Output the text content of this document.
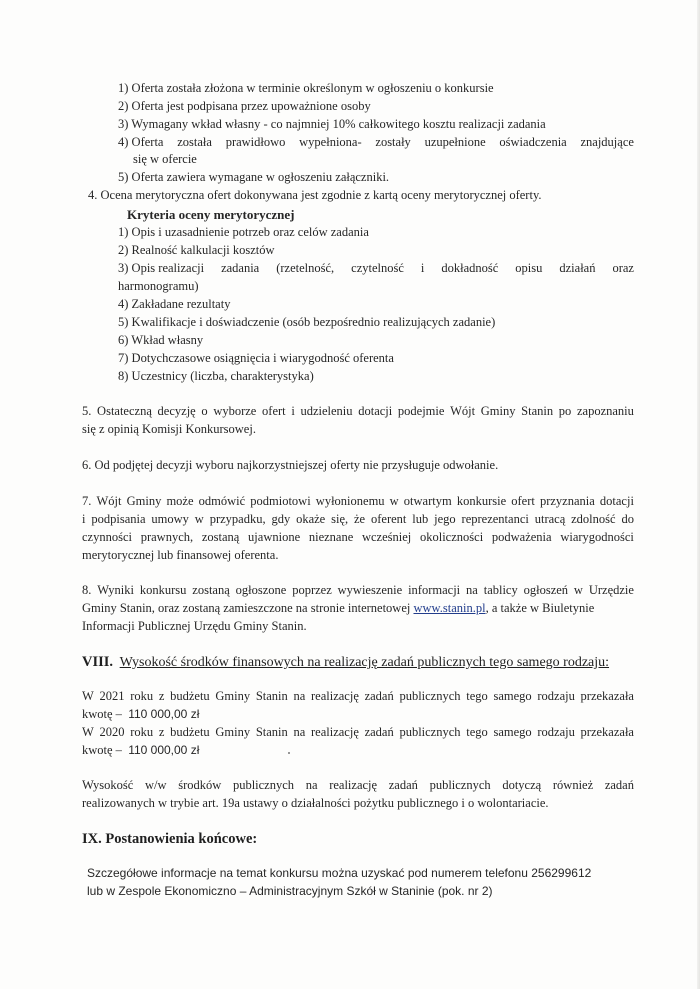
1) Oferta została złożona w terminie określonym w ogłoszeniu o konkursie
2) Oferta jest podpisana przez upoważnione osoby
3) Wymagany wkład własny - co najmniej 10% całkowitego kosztu realizacji zadania
4) Oferta została prawidłowo wypełniona- zostały uzupełnione oświadczenia znajdujące
się w ofercie
5) Oferta zawiera wymagane w ogłoszeniu załączniki.
4. Ocena merytoryczna ofert dokonywana jest zgodnie z kartą oceny merytorycznej oferty.
Kryteria oceny merytorycznej
1) Opis i uzasadnienie potrzeb oraz celów zadania
2) Realność kalkulacji kosztów
3) Opis realizacji zadania (rzetelność, czytelność i dokładność opisu działań oraz
harmonogramu)
4) Zakładane rezultaty
5) Kwalifikacje i doświadczenie (osób bezpośrednio realizujących zadanie)
6) Wkład własny
7) Dotychczasowe osiągnięcia i wiarygodność oferenta
8) Uczestnicy (liczba, charakterystyka)
5. Ostateczną decyzję o wyborze ofert i udzieleniu dotacji podejmie Wójt Gminy Stanin po zapoznaniu
się z opinią Komisji Konkursowej.
6. Od podjętej decyzji wyboru najkorzystniejszej oferty nie przysługuje odwołanie.
7. Wójt Gminy może odmówić podmiotowi wyłonionemu w otwartym konkursie ofert przyznania dotacji
i podpisania umowy w przypadku, gdy okaże się, że oferent lub jego reprezentanci utracą zdolność do
czynności prawnych, zostaną ujawnione nieznane wcześniej okoliczności podważenia wiarygodności
merytorycznej lub finansowej oferenta.
8. Wyniki konkursu zostaną ogłoszone poprzez wywieszenie informacji na tablicy ogłoszeń w Urzędzie
Gminy Stanin, oraz zostaną zamieszczone na stronie internetowej www.stanin.pl, a także w Biuletynie
Informacji Publicznej Urzędu Gminy Stanin.
VIII. Wysokość środków finansowych na realizację zadań publicznych tego samego rodzaju:
W 2021 roku z budżetu Gminy Stanin na realizację zadań publicznych tego samego rodzaju przekazała
kwotę – 110 000,00 zł
W 2020 roku z budżetu Gminy Stanin na realizację zadań publicznych tego samego rodzaju przekazała
kwotę – 110 000,00 zł
Wysokość w/w środków publicznych na realizację zadań publicznych dotyczą również zadań
realizowanych w trybie art. 19a ustawy o działalności pożytku publicznego i o wolontariacie.
IX. Postanowienia końcowe:
Szczegółowe informacje na temat konkursu można uzyskać pod numerem telefonu 256299612
lub w Zespole Ekonomiczno – Administracyjnym Szkół w Staninie (pok. nr 2)
